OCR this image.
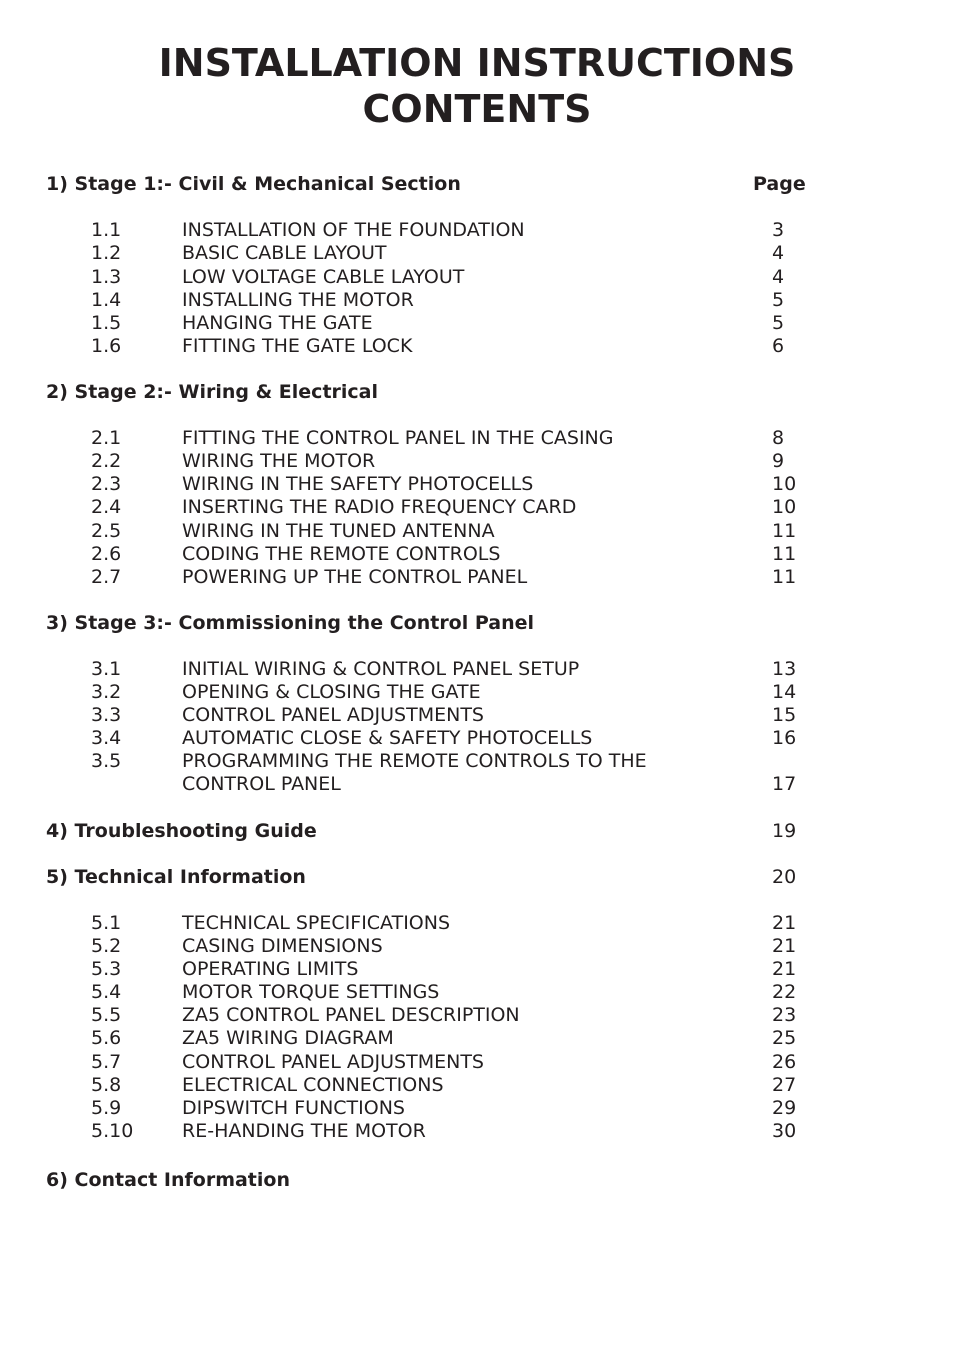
INSTALLATION INSTRUCTIONS
CONTENTS
1) Stage 1:- Civil & Mechanical Section	Page
1.1	INSTALLATION OF THE FOUNDATION	3
1.2	BASIC CABLE LAYOUT	4
1.3	LOW VOLTAGE CABLE LAYOUT	4
1.4	INSTALLING THE MOTOR	5
1.5	HANGING THE GATE	5
1.6	FITTING THE GATE LOCK	6
2) Stage 2:- Wiring & Electrical
2.1	FITTING THE CONTROL PANEL IN THE CASING	8
2.2	WIRING THE MOTOR	9
2.3	WIRING IN THE SAFETY PHOTOCELLS	10
2.4	INSERTING THE RADIO FREQUENCY CARD	10
2.5	WIRING IN THE TUNED ANTENNA	11
2.6	CODING THE REMOTE CONTROLS	11
2.7	POWERING UP THE CONTROL PANEL	11
3) Stage 3:- Commissioning the Control Panel
3.1	INITIAL WIRING & CONTROL PANEL SETUP	13
3.2	OPENING & CLOSING THE GATE	14
3.3	CONTROL PANEL ADJUSTMENTS	15
3.4	AUTOMATIC CLOSE & SAFETY PHOTOCELLS	16
3.5	PROGRAMMING THE REMOTE CONTROLS TO THE
CONTROL PANEL	17
4) Troubleshooting Guide	19
5) Technical Information	20
5.1	TECHNICAL SPECIFICATIONS	21
5.2	CASING DIMENSIONS	21
5.3	OPERATING LIMITS	21
5.4	MOTOR TORQUE SETTINGS	22
5.5	ZA5 CONTROL PANEL DESCRIPTION	23
5.6	ZA5 WIRING DIAGRAM	25
5.7	CONTROL PANEL ADJUSTMENTS	26
5.8	ELECTRICAL CONNECTIONS	27
5.9	DIPSWITCH FUNCTIONS	29
5.10	RE-HANDING THE MOTOR	30
6) Contact Information
